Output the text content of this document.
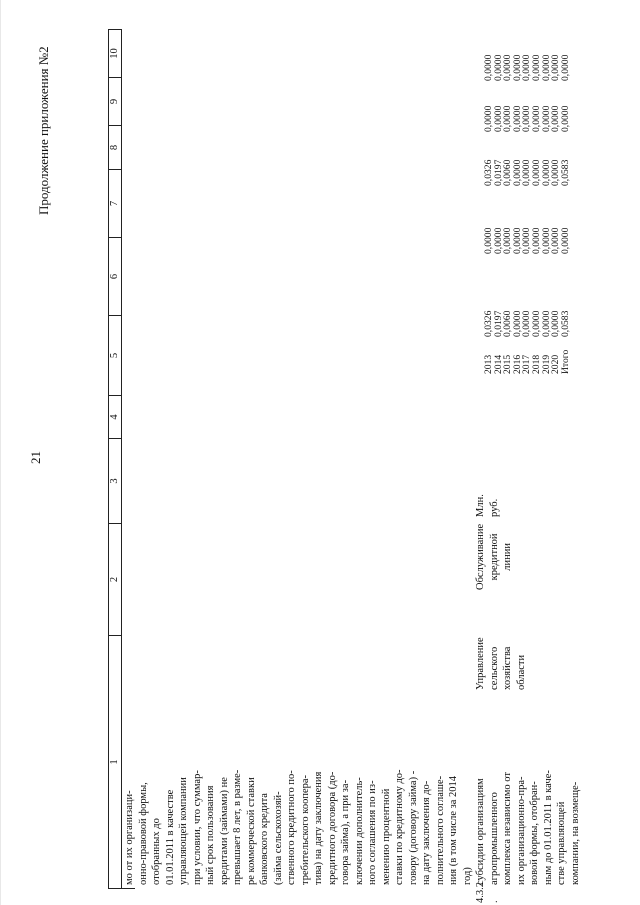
21
Продолжение приложения №2
1
2
3
4
5
6
7
8
9
10
мо от их организаци- онно-правовой формы, отобранных до 01.01.2011 в качестве управляющей компании при условии, что суммар- ный срок пользования кредитами (займами) не превышает 8 лет, в разме- ре коммерческой ставки банковского кредита (займа сельскохозяй- ственного кредитного по- требительского коопера- тива) на дату заключения кредитного договора (до- говора займа), а при за- ключении дополнитель- ного соглашения по из- менению процентной ставки по кредитному до- говору (договору займа) - на дату заключения до- полнительного соглаше- ния (в том числе за 2014 год)
4.3.2 .
субсидии организациям агропромышленного комплекса независимо от их организационно-пра- вовой формы, отобран- ным до 01.01.2011 в каче- стве управляющей компании, на возмеще-
Управление сельского хозяйства области
Обслуживание кредитной линии
Млн. руб.
2013
2014
2015
2016
2017
2018
2019
2020
Итого
0,0326
0,0197
0,0060
0,0000
0,0000
0,0000
0,0000
0,0000
0,0583
0,0000
0,0000
0,0000
0,0000
0,0000
0,0000
0,0000
0,0000
0,0000
0,0326
0,0197
0,0060
0,0000
0,0000
0,0000
0,0000
0,0000
0,0583
0,0000
0,0000
0,0000
0,0000
0,0000
0,0000
0,0000
0,0000
0,0000
0,0000
0,0000
0,0000
0,0000
0,0000
0,0000
0,0000
0,0000
0,0000
